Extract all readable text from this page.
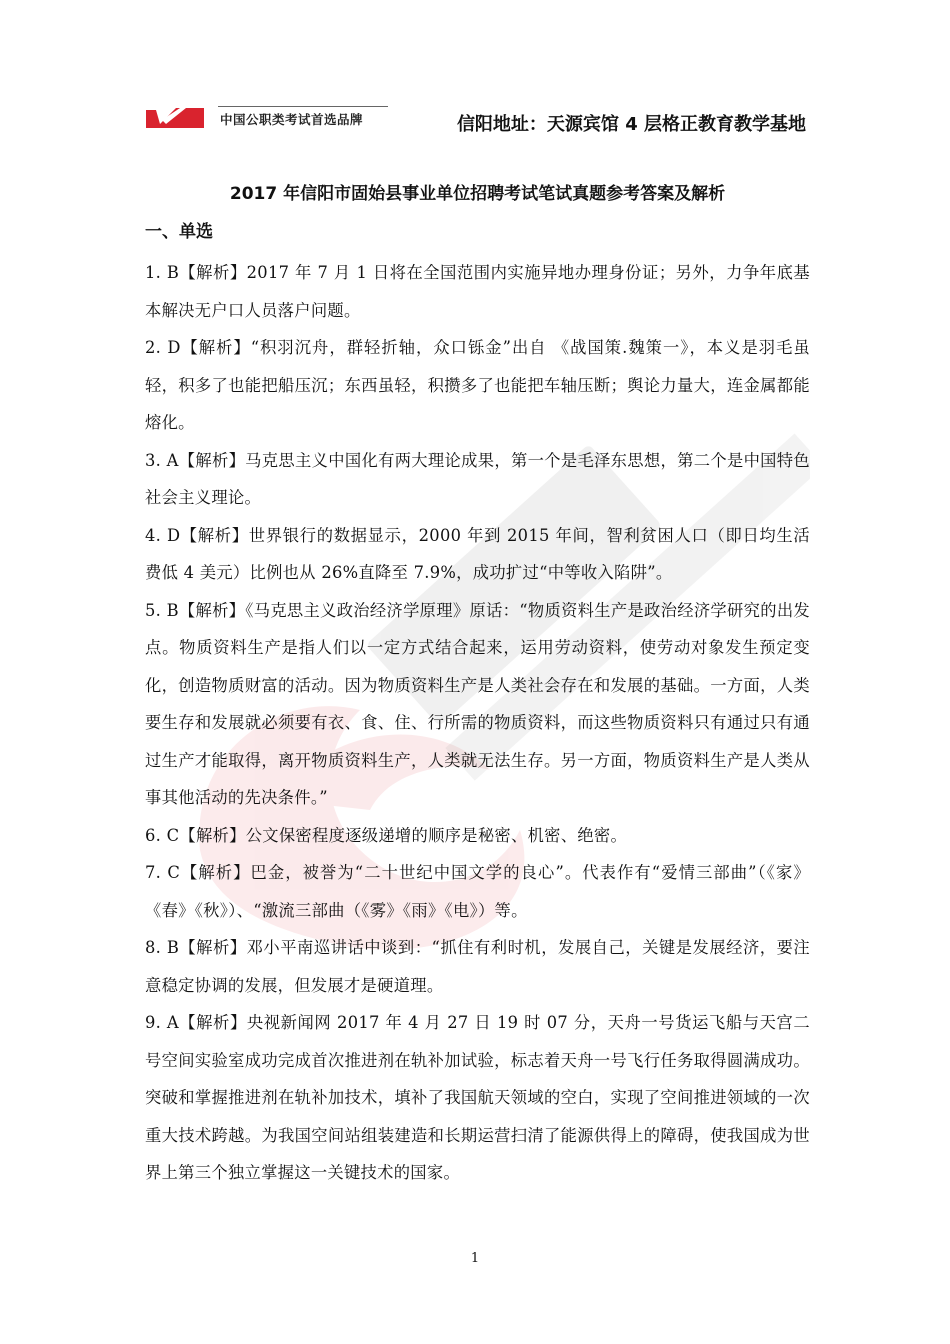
中国公职类考试首选品牌	信阳地址：天源宾馆 4 层格正教育教学基地
2017 年信阳市固始县事业单位招聘考试笔试真题参考答案及解析
一、单选

1. B【解析】2017 年 7 月 1 日将在全国范围内实施异地办理身份证；另外，力争年底基本解决无户口人员落户问题。

2. D【解析】“积羽沉舟，群轻折轴，众口铄金”出自 《战国策.魏策一》，本义是羽毛虽轻，积多了也能把船压沉；东西虽轻，积攒多了也能把车轴压断；舆论力量大，连金属都能熔化。

3. A【解析】马克思主义中国化有两大理论成果，第一个是毛泽东思想，第二个是中国特色社会主义理论。

4. D【解析】世界银行的数据显示，2000 年到 2015 年间，智利贫困人口（即日均生活费低 4 美元）比例也从 26%直降至 7.9%，成功扩过“中等收入陷阱”。

5. B【解析】《马克思主义政治经济学原理》原话：“物质资料生产是政治经济学研究的出发点。物质资料生产是指人们以一定方式结合起来，运用劳动资料，使劳动对象发生预定变化，创造物质财富的活动。因为物质资料生产是人类社会存在和发展的基础。一方面，人类要生存和发展就必须要有衣、食、住、行所需的物质资料，而这些物质资料只有通过只有通过生产才能取得，离开物质资料生产，人类就无法生存。另一方面，物质资料生产是人类从事其他活动的先决条件。”

6. C【解析】公文保密程度逐级递增的顺序是秘密、机密、绝密。

7. C【解析】巴金，被誉为“二十世纪中国文学的良心”。代表作有“爱情三部曲”（《家》《春》《秋》）、“激流三部曲（《雾》《雨》《电》）等。

8. B【解析】邓小平南巡讲话中谈到：“抓住有利时机，发展自己，关键是发展经济，要注意稳定协调的发展，但发展才是硬道理。

9. A【解析】央视新闻网 2017 年 4 月 27 日 19 时 07 分，天舟一号货运飞船与天宫二号空间实验室成功完成首次推进剂在轨补加试验，标志着天舟一号飞行任务取得圆满成功。突破和掌握推进剂在轨补加技术，填补了我国航天领域的空白，实现了空间推进领域的一次重大技术跨越。为我国空间站组装建造和长期运营扫清了能源供得上的障碍，使我国成为世界上第三个独立掌握这一关键技术的国家。

1
